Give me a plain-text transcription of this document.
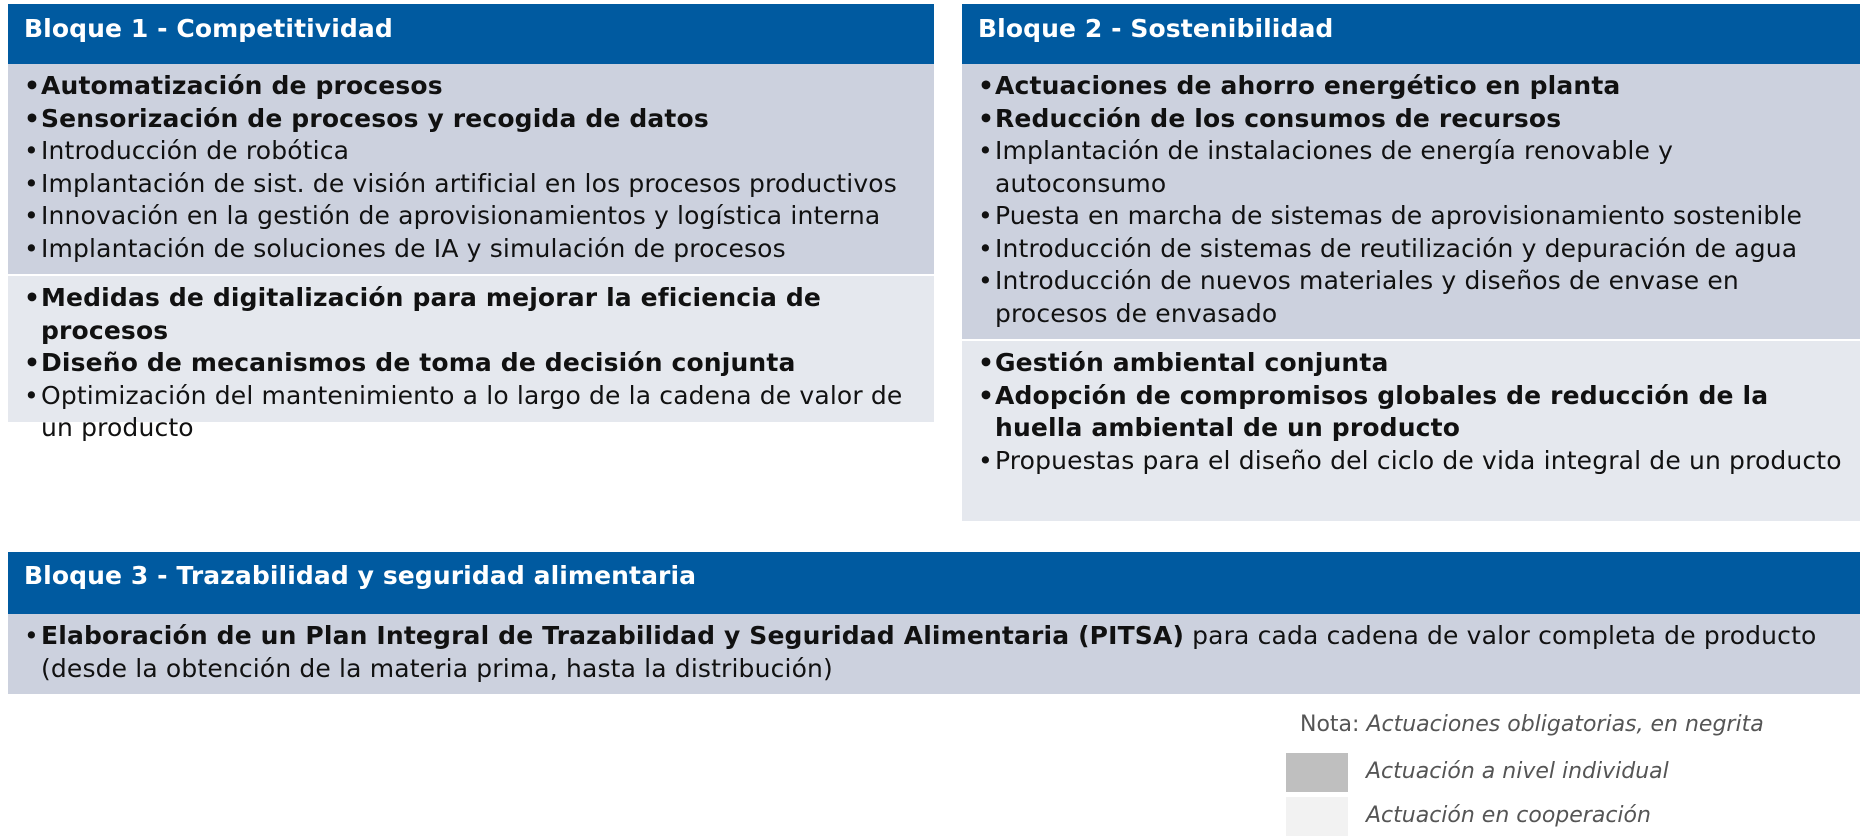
Bloque 1 - Competitividad
• Automatización de procesos
• Sensorización de procesos y recogida de datos
• Introducción de robótica
• Implantación de sist. de visión artificial en los procesos productivos
• Innovación en la gestión de aprovisionamientos y logística interna
• Implantación de soluciones de IA y simulación de procesos
• Medidas de digitalización para mejorar la eficiencia de procesos
• Diseño de mecanismos de toma de decisión conjunta
• Optimización del mantenimiento a lo largo de la cadena de valor de un producto
Bloque 2 - Sostenibilidad
• Actuaciones de ahorro energético en planta
• Reducción de los consumos de recursos
• Implantación de instalaciones de energía renovable y autoconsumo
• Puesta en marcha de sistemas de aprovisionamiento sostenible
• Introducción de sistemas de reutilización y depuración de agua
• Introducción de nuevos materiales y diseños de envase en procesos de envasado
• Gestión ambiental conjunta
• Adopción de compromisos globales de reducción de la huella ambiental de un producto
• Propuestas para el diseño del ciclo de vida integral de un producto
Bloque 3 - Trazabilidad y seguridad alimentaria
• Elaboración de un Plan Integral de Trazabilidad y Seguridad Alimentaria (PITSA) para cada cadena de valor completa de producto (desde la obtención de la materia prima, hasta la distribución)
Nota: Actuaciones obligatorias, en negrita
Actuación a nivel individual
Actuación en cooperación
